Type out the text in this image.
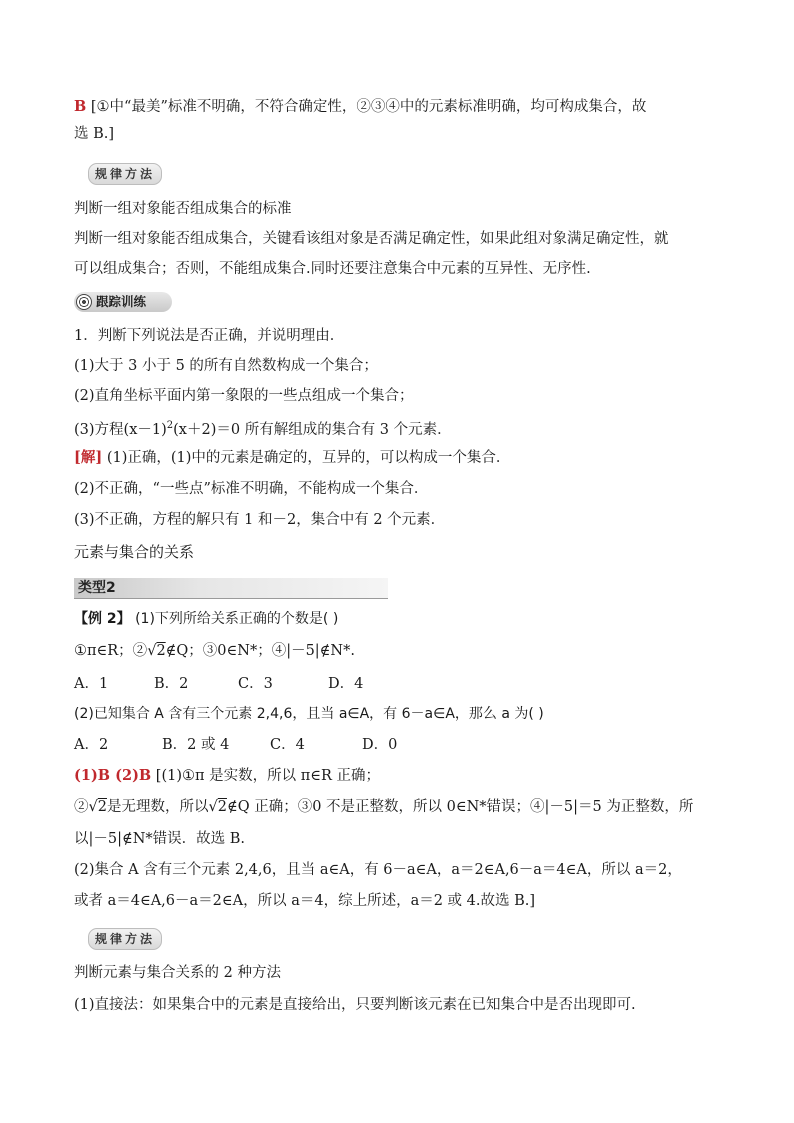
B [①中“最美”标准不明确，不符合确定性，②③④中的元素标准明确，均可构成集合，故
选 B.]
规律方法
判断一组对象能否组成集合的标准
判断一组对象能否组成集合，关键看该组对象是否满足确定性，如果此组对象满足确定性，就
可以组成集合；否则，不能组成集合.同时还要注意集合中元素的互异性、无序性.
跟踪训练
1．判断下列说法是否正确，并说明理由．
(1)大于 3 小于 5 的所有自然数构成一个集合；
(2)直角坐标平面内第一象限的一些点组成一个集合；
(3)方程$(x-1)^2(x+2)=0$ 所有解组成的集合有 3 个元素．
[解] (1)正确，(1)中的元素是确定的，互异的，可以构成一个集合．
(2)不正确，“一些点”标准不明确，不能构成一个集合．
(3)不正确，方程的解只有 1 和－2，集合中有 2 个元素．
元素与集合的关系
类型2
【例 2】 (1)下列所给关系正确的个数是( )
①π∈R；②√2∉Q；③0∈N*；④|－5|∉N*.
A．1	B．2	C．3	D．4
(2)已知集合 A 含有三个元素 2,4,6，且当 a∈A，有 6－a∈A，那么 a 为( )
A．2	B．2 或 4	C．4	D．0
(1)B (2)B [(1)①π 是实数，所以 π∈R 正确；
②√2是无理数，所以√2∉Q 正确；③0 不是正整数，所以 0∈N*错误；④|－5|＝5 为正整数，所
以|－5|∉N*错误．故选 B.
(2)集合 A 含有三个元素 2,4,6，且当 a∈A，有 6－a∈A，a＝2∈A,6－a＝4∈A，所以 a＝2，
或者 a＝4∈A,6－a＝2∈A，所以 a＝4，综上所述，a＝2 或 4.故选 B.]
规律方法
判断元素与集合关系的 2 种方法
(1)直接法：如果集合中的元素是直接给出，只要判断该元素在已知集合中是否出现即可.
